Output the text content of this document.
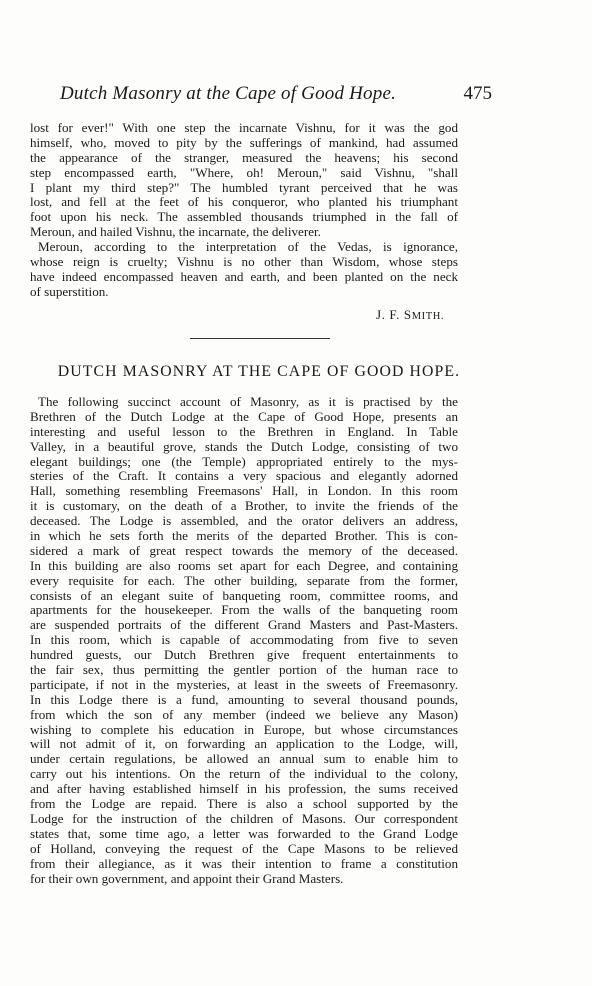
Dutch Masonry at the Cape of Good Hope.	475
lost for ever!" With one step the incarnate Vishnu, for it was the god
himself, who, moved to pity by the sufferings of mankind, had assumed
the appearance of the stranger, measured the heavens; his second
step encompassed earth, "Where, oh! Meroun," said Vishnu, "shall
I plant my third step?" The humbled tyrant perceived that he was
lost, and fell at the feet of his conqueror, who planted his triumphant
foot upon his neck. The assembled thousands triumphed in the fall of
Meroun, and hailed Vishnu, the incarnate, the deliverer.
Meroun, according to the interpretation of the Vedas, is ignorance,
whose reign is cruelty; Vishnu is no other than Wisdom, whose steps
have indeed encompassed heaven and earth, and been planted on the neck
of superstition.
J. F. SMITH.
DUTCH MASONRY AT THE CAPE OF GOOD HOPE.
The following succinct account of Masonry, as it is practised by the
Brethren of the Dutch Lodge at the Cape of Good Hope, presents an
interesting and useful lesson to the Brethren in England. In Table
Valley, in a beautiful grove, stands the Dutch Lodge, consisting of two
elegant buildings; one (the Temple) appropriated entirely to the mys-
steries of the Craft. It contains a very spacious and elegantly adorned
Hall, something resembling Freemasons' Hall, in London. In this room
it is customary, on the death of a Brother, to invite the friends of the
deceased. The Lodge is assembled, and the orator delivers an address,
in which he sets forth the merits of the departed Brother. This is con-
sidered a mark of great respect towards the memory of the deceased.
In this building are also rooms set apart for each Degree, and containing
every requisite for each. The other building, separate from the former,
consists of an elegant suite of banqueting room, committee rooms, and
apartments for the housekeeper. From the walls of the banqueting room
are suspended portraits of the different Grand Masters and Past-Masters.
In this room, which is capable of accommodating from five to seven
hundred guests, our Dutch Brethren give frequent entertainments to
the fair sex, thus permitting the gentler portion of the human race to
participate, if not in the mysteries, at least in the sweets of Freemasonry.
In this Lodge there is a fund, amounting to several thousand pounds,
from which the son of any member (indeed we believe any Mason)
wishing to complete his education in Europe, but whose circumstances
will not admit of it, on forwarding an application to the Lodge, will,
under certain regulations, be allowed an annual sum to enable him to
carry out his intentions. On the return of the individual to the colony,
and after having established himself in his profession, the sums received
from the Lodge are repaid. There is also a school supported by the
Lodge for the instruction of the children of Masons. Our correspondent
states that, some time ago, a letter was forwarded to the Grand Lodge
of Holland, conveying the request of the Cape Masons to be relieved
from their allegiance, as it was their intention to frame a constitution
for their own government, and appoint their Grand Masters.
